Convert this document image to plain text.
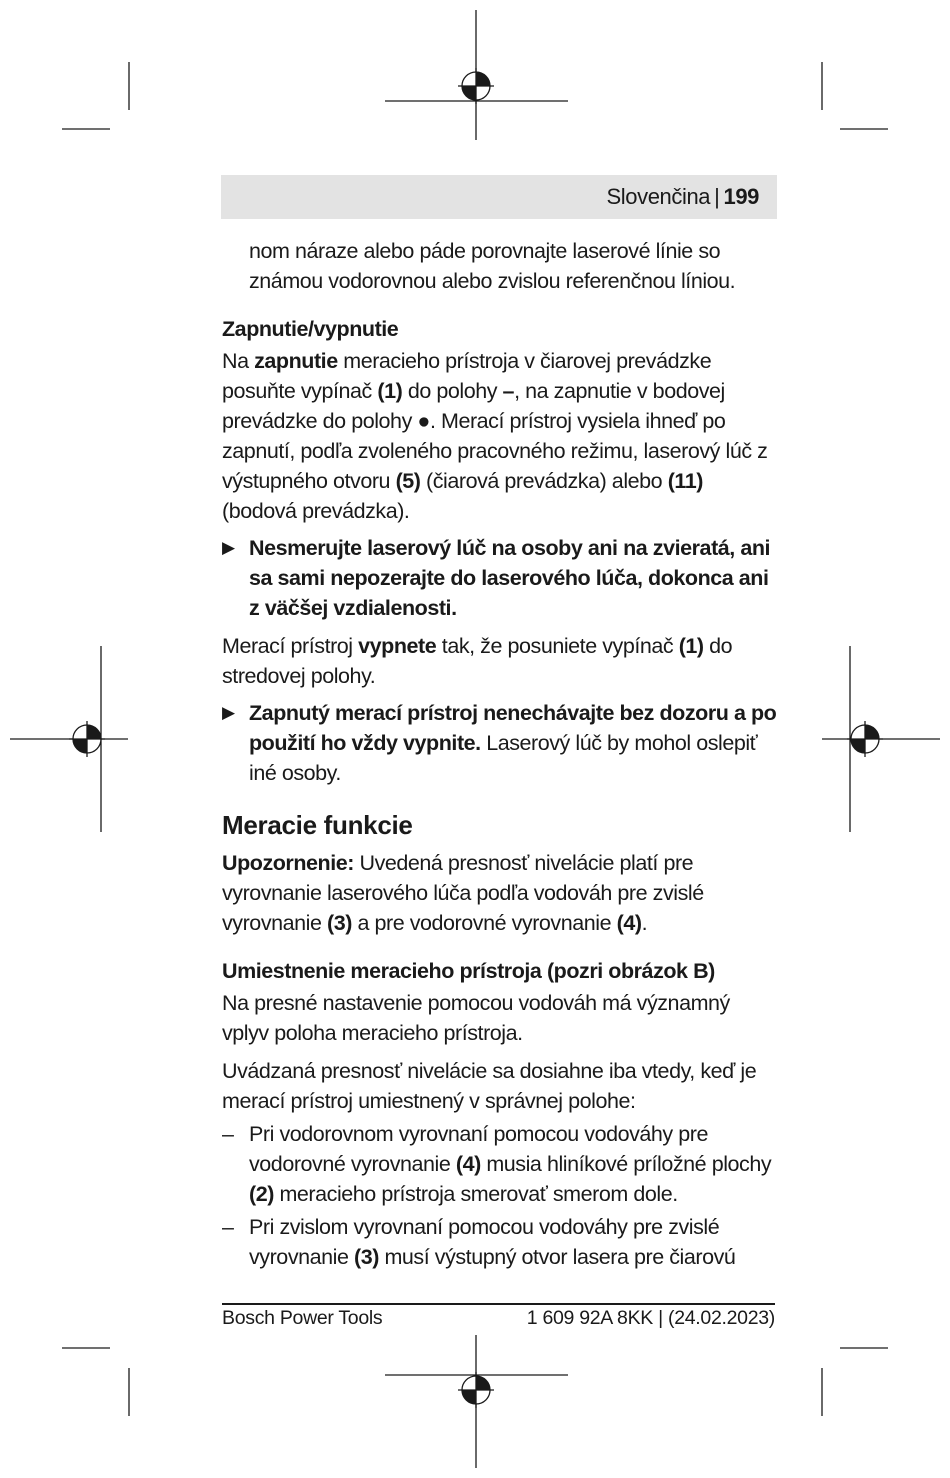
Slovenčina | 199

nom náraze alebo páde porovnajte laserové línie so známou vodorovnou alebo zvislou referenčnou líniou.

Zapnutie/vypnutie

Na zapnutie meracieho prístroja v čiarovej prevádzke posuňte vypínač (1) do polohy –, na zapnutie v bodovej prevádzke do polohy ●. Merací prístroj vysiela ihneď po zapnutí, podľa zvoleného pracovného režimu, laserový lúč z výstupného otvoru (5) (čiarová prevádzka) alebo (11) (bodová prevádzka).

▶ Nesmerujte laserový lúč na osoby ani na zvieratá, ani sa sami nepozerajte do laserového lúča, dokonca ani z väčšej vzdialenosti.

Merací prístroj vypnete tak, že posuniete vypínač (1) do stredovej polohy.

▶ Zapnutý merací prístroj nenechávajte bez dozoru a po použití ho vždy vypnite. Laserový lúč by mohol oslepiť iné osoby.
Meracie funkcie

Upozornenie: Uvedená presnosť nivelácie platí pre vyrovnanie laserového lúča podľa vodováh pre zvislé vyrovnanie (3) a pre vodorovné vyrovnanie (4).

Umiestnenie meracieho prístroja (pozri obrázok B)

Na presné nastavenie pomocou vodováh má významný vplyv poloha meracieho prístroja.

Uvádzaná presnosť nivelácie sa dosiahne iba vtedy, keď je merací prístroj umiestnený v správnej polohe:

– Pri vodorovnom vyrovnaní pomocou vodováhy pre vodorovné vyrovnanie (4) musia hliníkové príložné plochy (2) meracieho prístroja smerovať smerom dole.
– Pri zvislom vyrovnaní pomocou vodováhy pre zvislé vyrovnanie (3) musí výstupný otvor lasera pre čiarovú
Bosch Power Tools	1 609 92A 8KK | (24.02.2023)
